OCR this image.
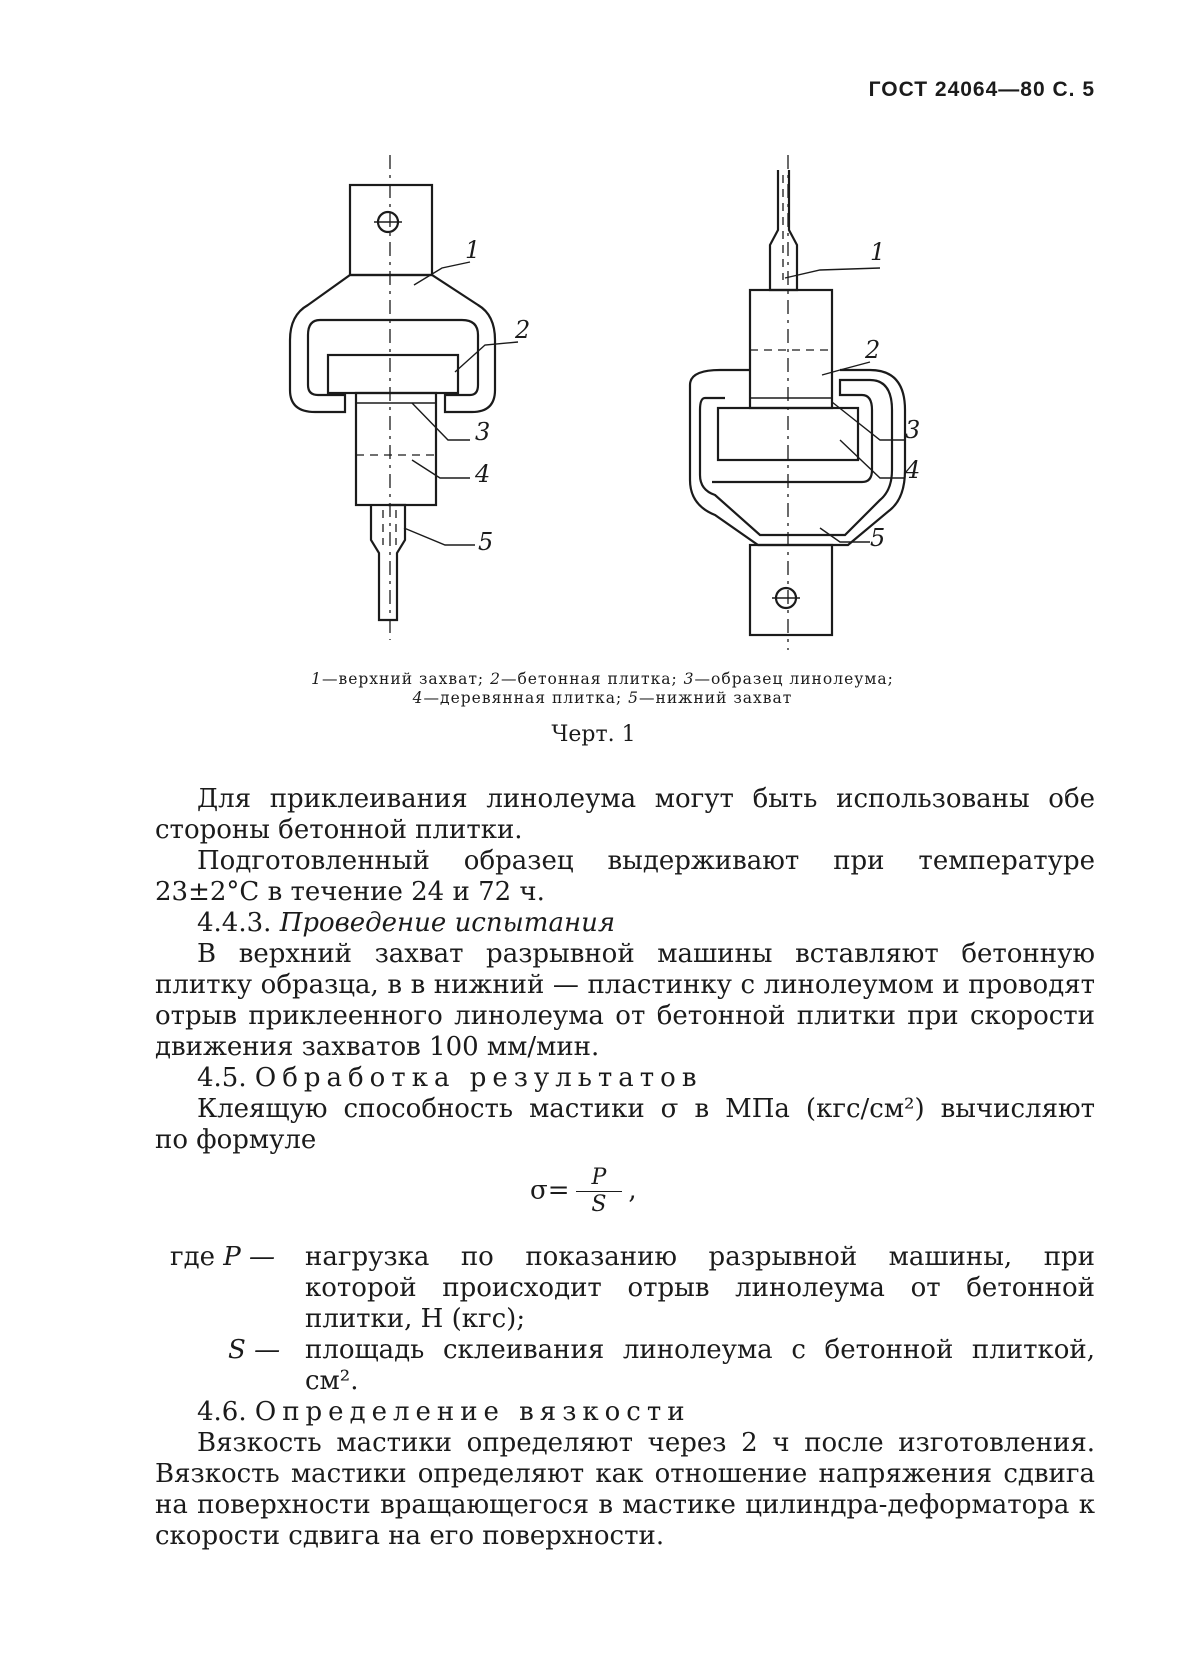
ГОСТ 24064—80 С. 5
1
2
3
4
5
1
2
3
4
5
1—верхний захват; 2—бетонная плитка; 3—образец линолеума;
4—деревянная плитка; 5—нижний захват
Черт. 1
Для приклеивания линолеума могут быть использованы обе
стороны бетонной плитки.
Подготовленный образец выдерживают при температуре
23±2°С в течение 24 и 72 ч.
4.4.3. Проведение испытания
В верхний захват разрывной машины вставляют бетонную плитку образца, в в нижний — пластинку с линолеумом и проводят отрыв приклеенного линолеума от бетонной плитки при скорости движения захватов 100 мм/мин.
4.5. Обработка результатов
Клеящую способность мастики σ в МПа (кгс/см²) вычисляют
по формуле
$\sigma= \frac{P}{S}$ ,
где P — нагрузка по показанию разрывной машины, при которой происходит отрыв линолеума от бетонной плитки, Н (кгс);
S — площадь склеивания линолеума с бетонной плиткой, см².
4.6. Определение вязкости
Вязкость мастики определяют через 2 ч после изготовления.
Вязкость мастики определяют как отношение напряжения сдвига на поверхности вращающегося в мастике цилиндра-деформатора к скорости сдвига на его поверхности.
